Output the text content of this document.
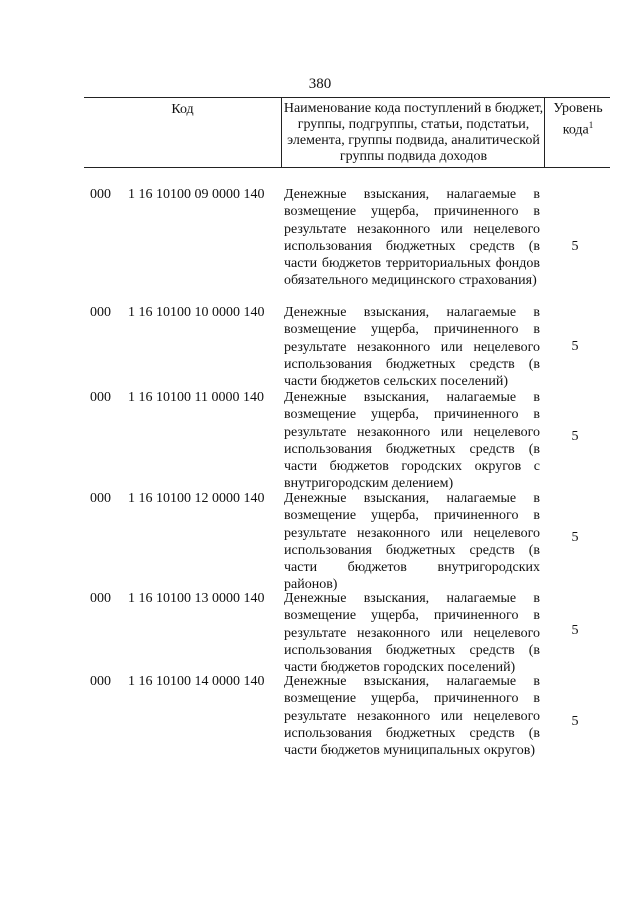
380
Код	Наименование кода поступлений в бюджет, группы, подгруппы, статьи, подстатьи, элемента, группы подвида, аналитической группы подвида доходов
Уровень кода$^1$
000 1 16 10100 09 0000 140 Денежные взыскания, налагаемые в возмещение ущерба, причиненного в результате незаконного или нецелевого использования бюджетных средств (в части бюджетов территориальных фондов обязательного медицинского страхования)
5
000 1 16 10100 10 0000 140 Денежные взыскания, налагаемые в возмещение ущерба, причиненного в результате незаконного или нецелевого использования бюджетных средств (в части бюджетов сельских поселений)
5
000 1 16 10100 11 0000 140 Денежные взыскания, налагаемые в возмещение ущерба, причиненного в результате незаконного или нецелевого использования бюджетных средств (в части бюджетов городских округов с внутригородским делением)
5
000 1 16 10100 12 0000 140 Денежные взыскания, налагаемые в возмещение ущерба, причиненного в результате незаконного или нецелевого использования бюджетных средств (в части бюджетов внутригородских районов)
5
000 1 16 10100 13 0000 140 Денежные взыскания, налагаемые в возмещение ущерба, причиненного в результате незаконного или нецелевого использования бюджетных средств (в части бюджетов городских поселений)
5
000 1 16 10100 14 0000 140 Денежные взыскания, налагаемые в возмещение ущерба, причиненного в результате незаконного или нецелевого использования бюджетных средств (в части бюджетов муниципальных округов)
5
